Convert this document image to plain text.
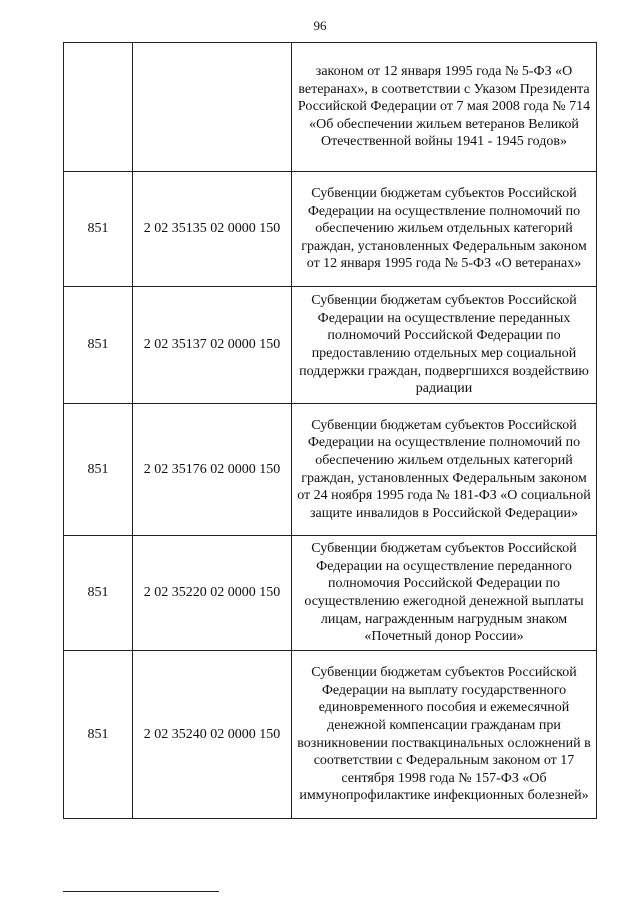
96
		законом от 12 января 1995 года № 5-ФЗ «О ветеранах», в соответствии с Указом Президента Российской Федерации от 7 мая 2008 года № 714 «Об обеспечении жильем ветеранов Великой Отечественной войны 1941 - 1945 годов»
851	2 02 35135 02 0000 150	Субвенции бюджетам субъектов Российской Федерации на осуществление полномочий по обеспечению жильем отдельных категорий граждан, установленных Федеральным законом от 12 января 1995 года № 5-ФЗ «О ветеранах»
851	2 02 35137 02 0000 150	Субвенции бюджетам субъектов Российской Федерации на осуществление переданных полномочий Российской Федерации по предоставлению отдельных мер социальной поддержки граждан, подвергшихся воздействию радиации
851	2 02 35176 02 0000 150	Субвенции бюджетам субъектов Российской Федерации на осуществление полномочий по обеспечению жильем отдельных категорий граждан, установленных Федеральным законом от 24 ноября 1995 года № 181-ФЗ «О социальной защите инвалидов в Российской Федерации»
851	2 02 35220 02 0000 150	Субвенции бюджетам субъектов Российской Федерации на осуществление переданного полномочия Российской Федерации по осуществлению ежегодной денежной выплаты лицам, награжденным нагрудным знаком «Почетный донор России»
851	2 02 35240 02 0000 150	Субвенции бюджетам субъектов Российской Федерации на выплату государственного единовременного пособия и ежемесячной денежной компенсации гражданам при возникновении поствакцинальных осложнений в соответствии с Федеральным законом от 17 сентября 1998 года № 157-ФЗ «Об иммунопрофилактике инфекционных болезней»
